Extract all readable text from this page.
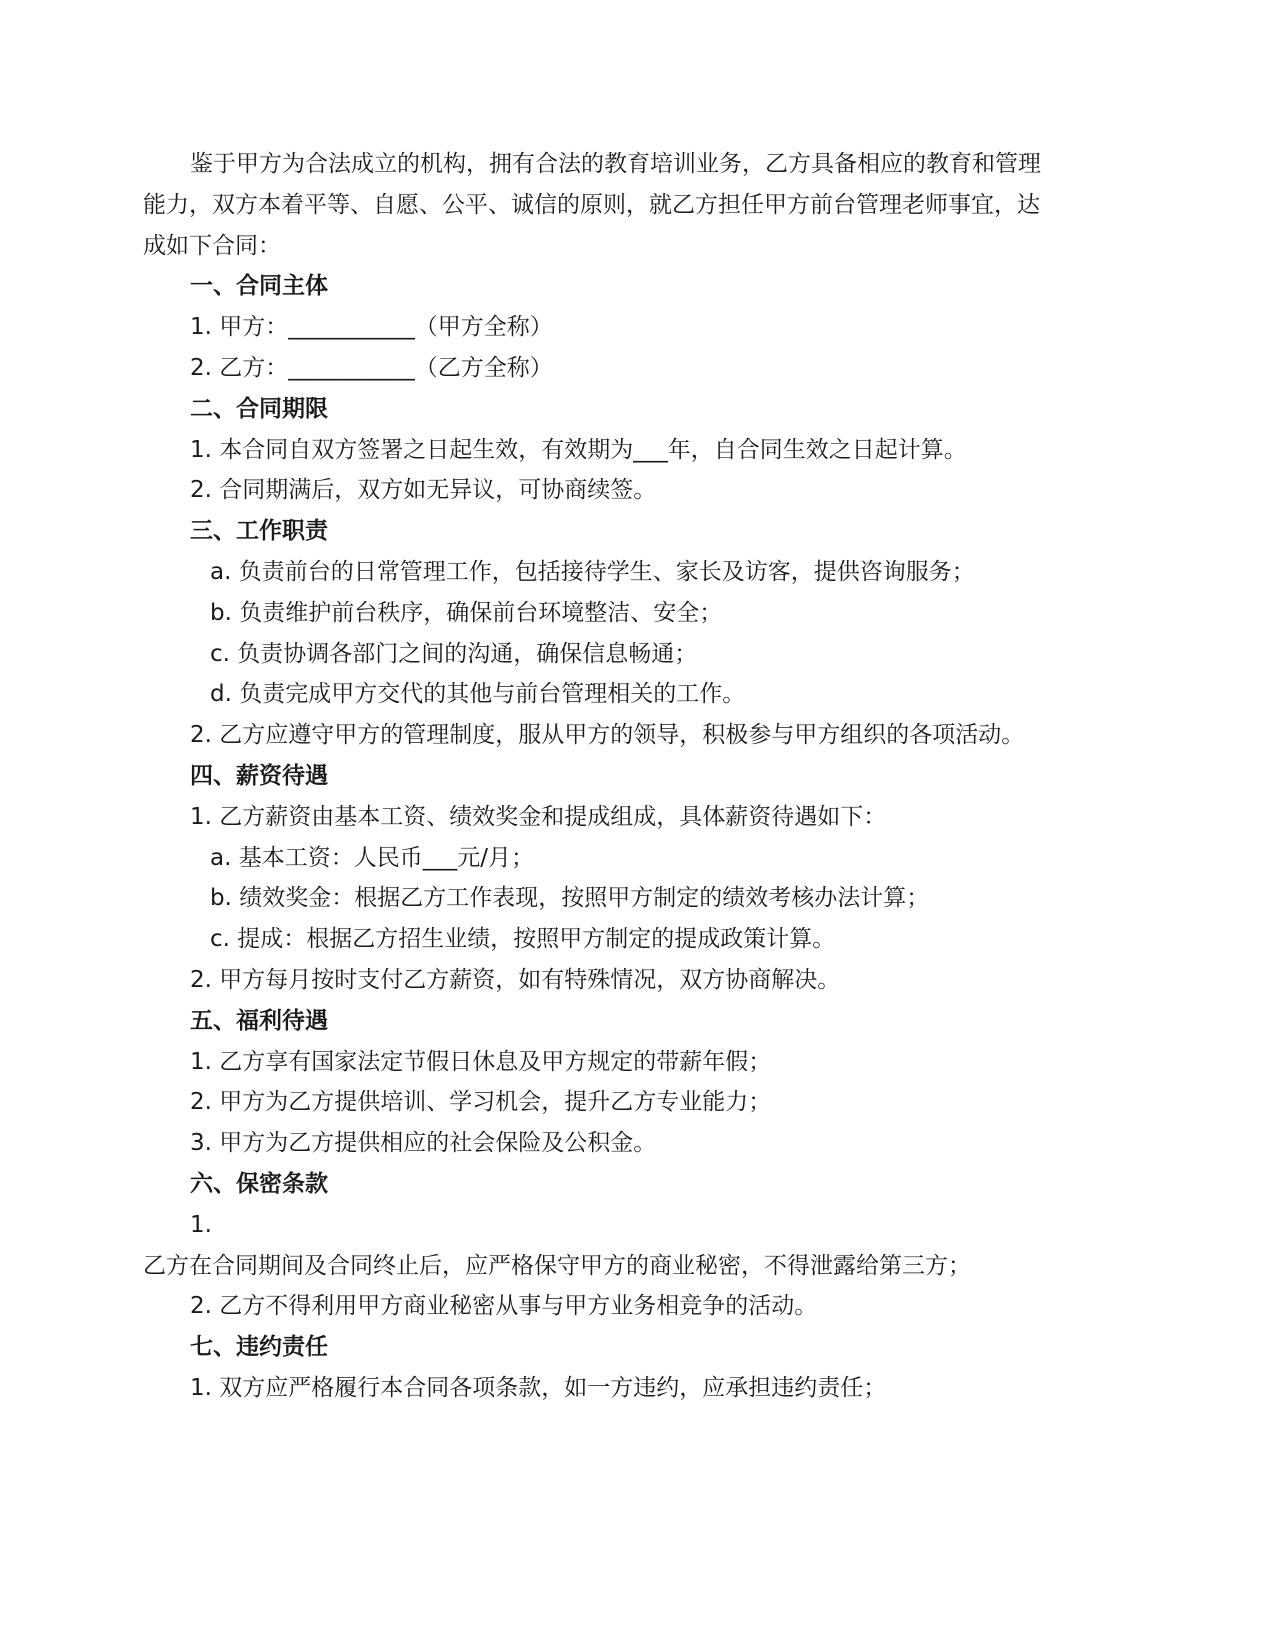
鉴于甲方为合法成立的机构，拥有合法的教育培训业务，乙方具备相应的教育和管理
能力，双方本着平等、自愿、公平、诚信的原则，就乙方担任甲方前台管理老师事宜，达
成如下合同：
一、合同主体
1. 甲方：___________（甲方全称）
2. 乙方：___________（乙方全称）
二、合同期限
1. 本合同自双方签署之日起生效，有效期为___年，自合同生效之日起计算。
2. 合同期满后，双方如无异议，可协商续签。
三、工作职责
a. 负责前台的日常管理工作，包括接待学生、家长及访客，提供咨询服务；
b. 负责维护前台秩序，确保前台环境整洁、安全；
c. 负责协调各部门之间的沟通，确保信息畅通；
d. 负责完成甲方交代的其他与前台管理相关的工作。
2. 乙方应遵守甲方的管理制度，服从甲方的领导，积极参与甲方组织的各项活动。
四、薪资待遇
1. 乙方薪资由基本工资、绩效奖金和提成组成，具体薪资待遇如下：
a. 基本工资：人民币___元/月；
b. 绩效奖金：根据乙方工作表现，按照甲方制定的绩效考核办法计算；
c. 提成：根据乙方招生业绩，按照甲方制定的提成政策计算。
2. 甲方每月按时支付乙方薪资，如有特殊情况，双方协商解决。
五、福利待遇
1. 乙方享有国家法定节假日休息及甲方规定的带薪年假；
2. 甲方为乙方提供培训、学习机会，提升乙方专业能力；
3. 甲方为乙方提供相应的社会保险及公积金。
六、保密条款
1.
乙方在合同期间及合同终止后，应严格保守甲方的商业秘密，不得泄露给第三方；
2. 乙方不得利用甲方商业秘密从事与甲方业务相竞争的活动。
七、违约责任
1. 双方应严格履行本合同各项条款，如一方违约，应承担违约责任；
